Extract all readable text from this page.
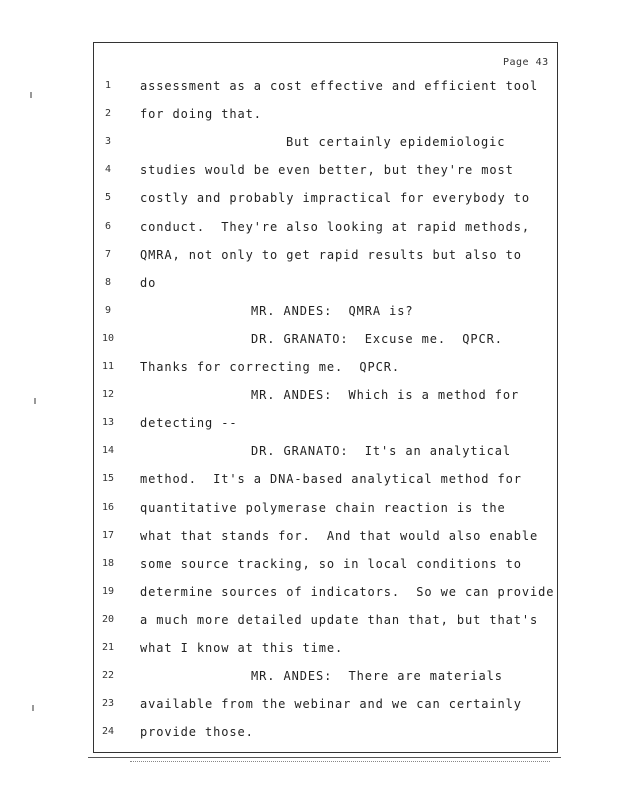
Page 43
1	assessment as a cost effective and efficient tool
2	for doing that.
3	But certainly epidemiologic
4	studies would be even better, but they're most
5	costly and probably impractical for everybody to
6	conduct.  They're also looking at rapid methods,
7	QMRA, not only to get rapid results but also to
8	do
9	MR. ANDES:  QMRA is?
10	DR. GRANATO:  Excuse me.  QPCR.
11	Thanks for correcting me.  QPCR.
12	MR. ANDES:  Which is a method for
13	detecting --
14	DR. GRANATO:  It's an analytical
15	method.  It's a DNA-based analytical method for
16	quantitative polymerase chain reaction is the
17	what that stands for.  And that would also enable
18	some source tracking, so in local conditions to
19	determine sources of indicators.  So we can provide
20	a much more detailed update than that, but that's
21	what I know at this time.
22	MR. ANDES:  There are materials
23	available from the webinar and we can certainly
24	provide those.
